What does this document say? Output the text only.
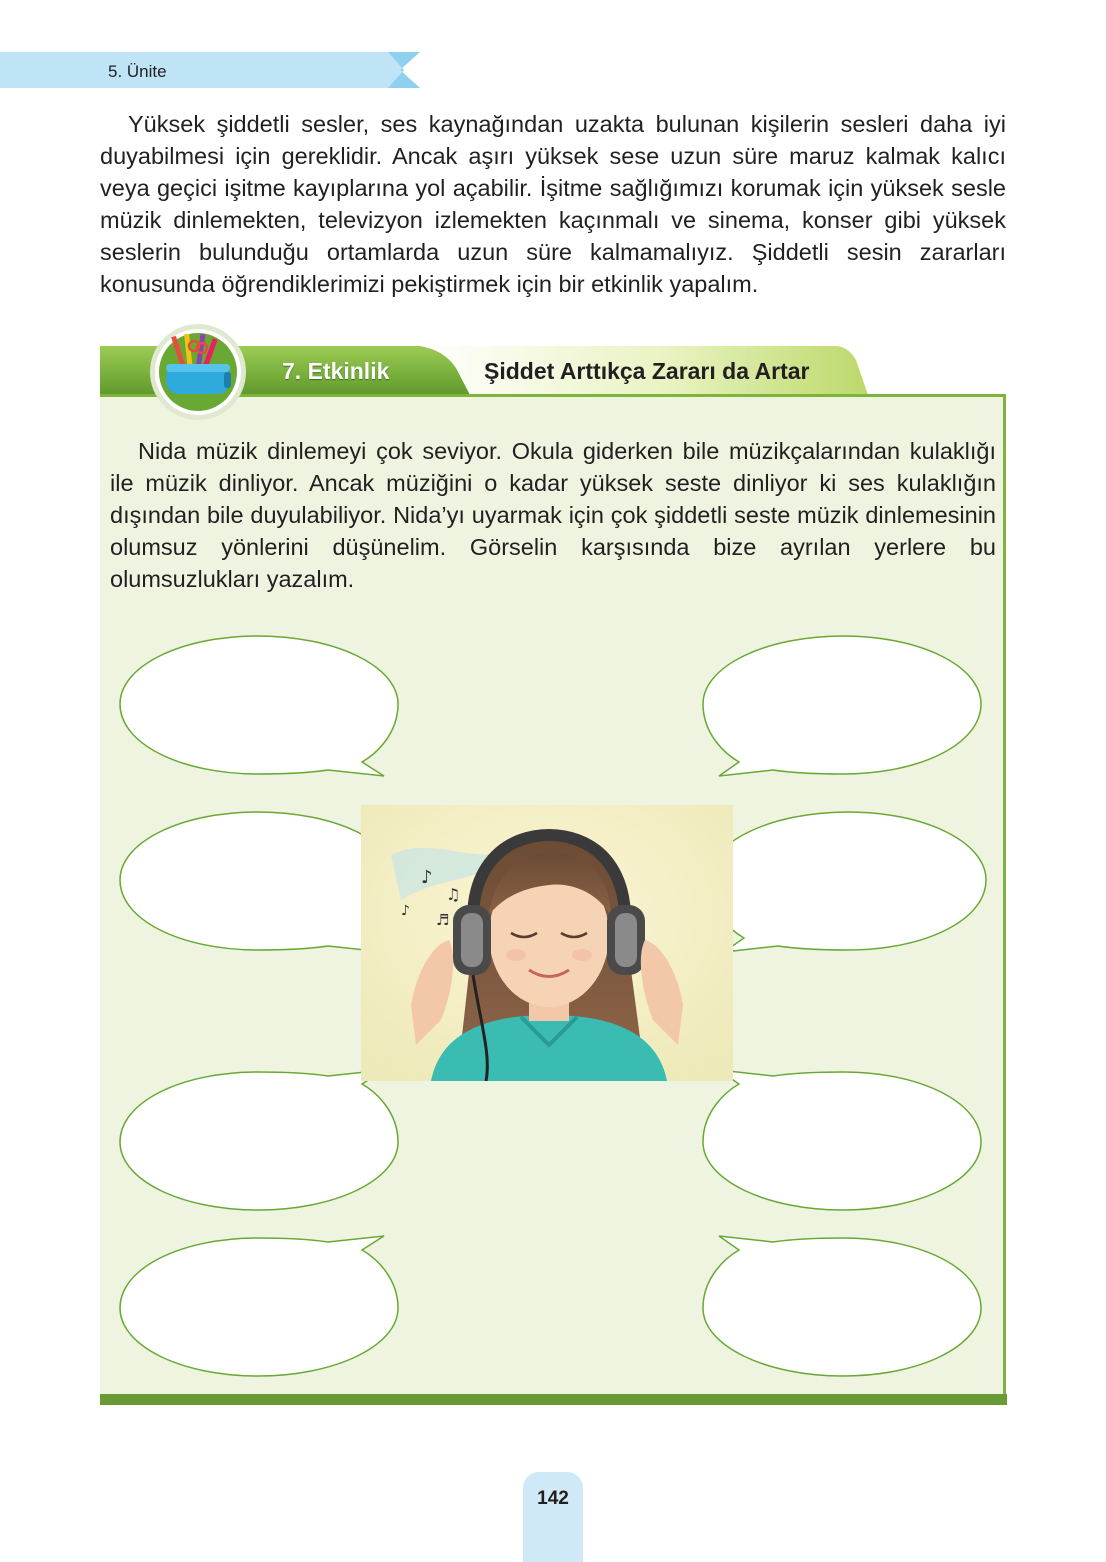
5. Ünite

Yüksek şiddetli sesler, ses kaynağından uzakta bulunan kişilerin sesleri daha iyi duyabilmesi için gereklidir. Ancak aşırı yüksek sese uzun süre maruz kalmak kalıcı veya geçici işitme kayıplarına yol açabilir. İşitme sağlığımızı korumak için yüksek sesle müzik dinlemekten, televizyon izlemekten kaçınmalı ve sinema, konser gibi yüksek seslerin bulunduğu ortamlarda uzun süre kalmamalıyız. Şiddetli sesin zararları konusunda öğrendiklerimizi pekiştirmek için bir etkinlik yapalım.

7. Etkinlik	Şiddet Arttıkça Zararı da Artar

Nida müzik dinlemeyi çok seviyor. Okula giderken bile müzikçalarından kulaklığı ile müzik dinliyor. Ancak müziğini o kadar yüksek seste dinliyor ki ses kulaklığın dışından bile duyulabiliyor. Nida’yı uyarmak için çok şiddetli seste müzik dinlemesinin olumsuz yönlerini düşünelim. Görselin karşısında bize ayrılan yerlere bu olumsuzlukları yazalım.

♪
♫
♪ ♬
142
